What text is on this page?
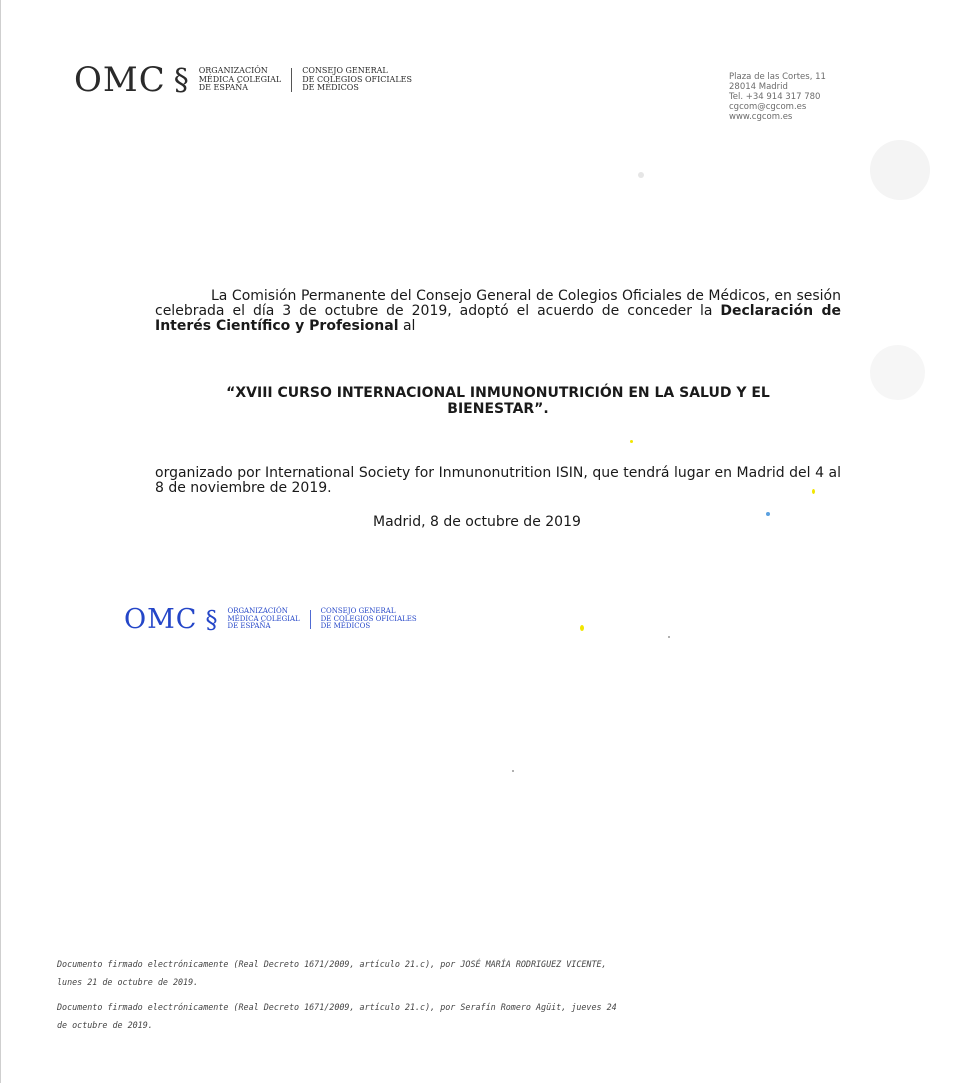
OMC § ORGANIZACIÓN
MÉDICA COLEGIAL
DE ESPAÑA
CONSEJO GENERAL
DE COLEGIOS OFICIALES
DE MÉDICOS
Plaza de las Cortes, 11
28014 Madrid
Tel. +34 914 317 780
cgcom@cgcom.es
www.cgcom.es
La Comisión Permanente del Consejo General de Colegios Oficiales de Médicos, en sesión celebrada el día 3 de octubre de 2019, adoptó el acuerdo de conceder la Declaración de Interés Científico y Profesional al
“XVIII CURSO INTERNACIONAL INMUNONUTRICIÓN EN LA SALUD Y EL
BIENESTAR”.
organizado por International Society for Inmunonutrition ISIN, que tendrá lugar en Madrid del 4 al 8 de noviembre de 2019.
Madrid, 8 de octubre de 2019
OMC § ORGANIZACIÓN
MÉDICA COLEGIAL
DE ESPAÑA
CONSEJO GENERAL
DE COLEGIOS OFICIALES
DE MÉDICOS

Documento firmado electrónicamente (Real Decreto 1671/2009, artículo 21.c), por JOSÉ MARÍA RODRIGUEZ VICENTE,

lunes 21 de octubre de 2019.

Documento firmado electrónicamente (Real Decreto 1671/2009, artículo 21.c), por Serafín Romero Agüit, jueves 24

de octubre de 2019.
